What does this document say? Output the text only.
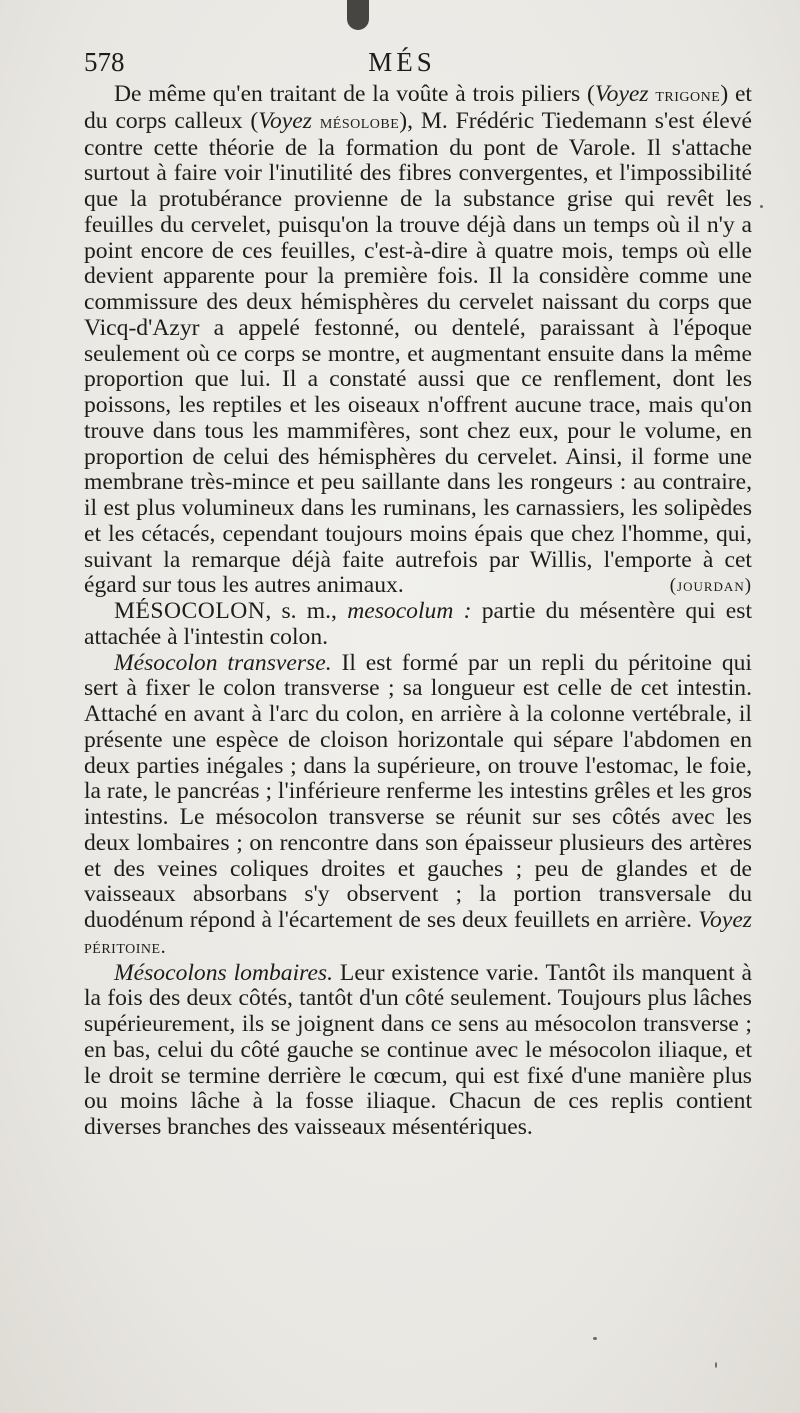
578	MÉS

De même qu'en traitant de la voûte à trois piliers (Voyez trigone) et du corps calleux (Voyez mésolobe), M. Frédéric Tiedemann s'est élevé contre cette théorie de la formation du pont de Varole. Il s'attache surtout à faire voir l'inutilité des fibres convergentes, et l'impossibilité que la protubérance provienne de la substance grise qui revêt les feuilles du cervelet, puisqu'on la trouve déjà dans un temps où il n'y a point encore de ces feuilles, c'est-à-dire à quatre mois, temps où elle devient apparente pour la première fois. Il la considère comme une commissure des deux hémisphères du cervelet naissant du corps que Vicq-d'Azyr a appelé festonné, ou dentelé, paraissant à l'époque seulement où ce corps se montre, et augmentant ensuite dans la même proportion que lui. Il a constaté aussi que ce renflement, dont les poissons, les reptiles et les oiseaux n'offrent aucune trace, mais qu'on trouve dans tous les mammifères, sont chez eux, pour le volume, en proportion de celui des hémisphères du cervelet. Ainsi, il forme une membrane très-mince et peu saillante dans les rongeurs : au contraire, il est plus volumineux dans les ruminans, les carnassiers, les solipèdes et les cétacés, cependant toujours moins épais que chez l'homme, qui, suivant la remarque déjà faite autrefois par Willis, l'emporte à cet égard sur tous les autres animaux.	(jourdan)

MÉSOCOLON, s. m., mesocolum : partie du mésentère qui est attachée à l'intestin colon.

Mésocolon transverse. Il est formé par un repli du péritoine qui sert à fixer le colon transverse ; sa longueur est celle de cet intestin. Attaché en avant à l'arc du colon, en arrière à la colonne vertébrale, il présente une espèce de cloison horizontale qui sépare l'abdomen en deux parties inégales ; dans la supérieure, on trouve l'estomac, le foie, la rate, le pancréas ; l'inférieure renferme les intestins grêles et les gros intestins. Le mésocolon transverse se réunit sur ses côtés avec les deux lombaires ; on rencontre dans son épaisseur plusieurs des artères et des veines coliques droites et gauches ; peu de glandes et de vaisseaux absorbans s'y observent ; la portion transversale du duodénum répond à l'écartement de ses deux feuillets en arrière. Voyez péritoine.

Mésocolons lombaires. Leur existence varie. Tantôt ils manquent à la fois des deux côtés, tantôt d'un côté seulement. Toujours plus lâches supérieurement, ils se joignent dans ce sens au mésocolon transverse ; en bas, celui du côté gauche se continue avec le mésocolon iliaque, et le droit se termine derrière le cœcum, qui est fixé d'une manière plus ou moins lâche à la fosse iliaque. Chacun de ces replis contient diverses branches des vaisseaux mésentériques.
